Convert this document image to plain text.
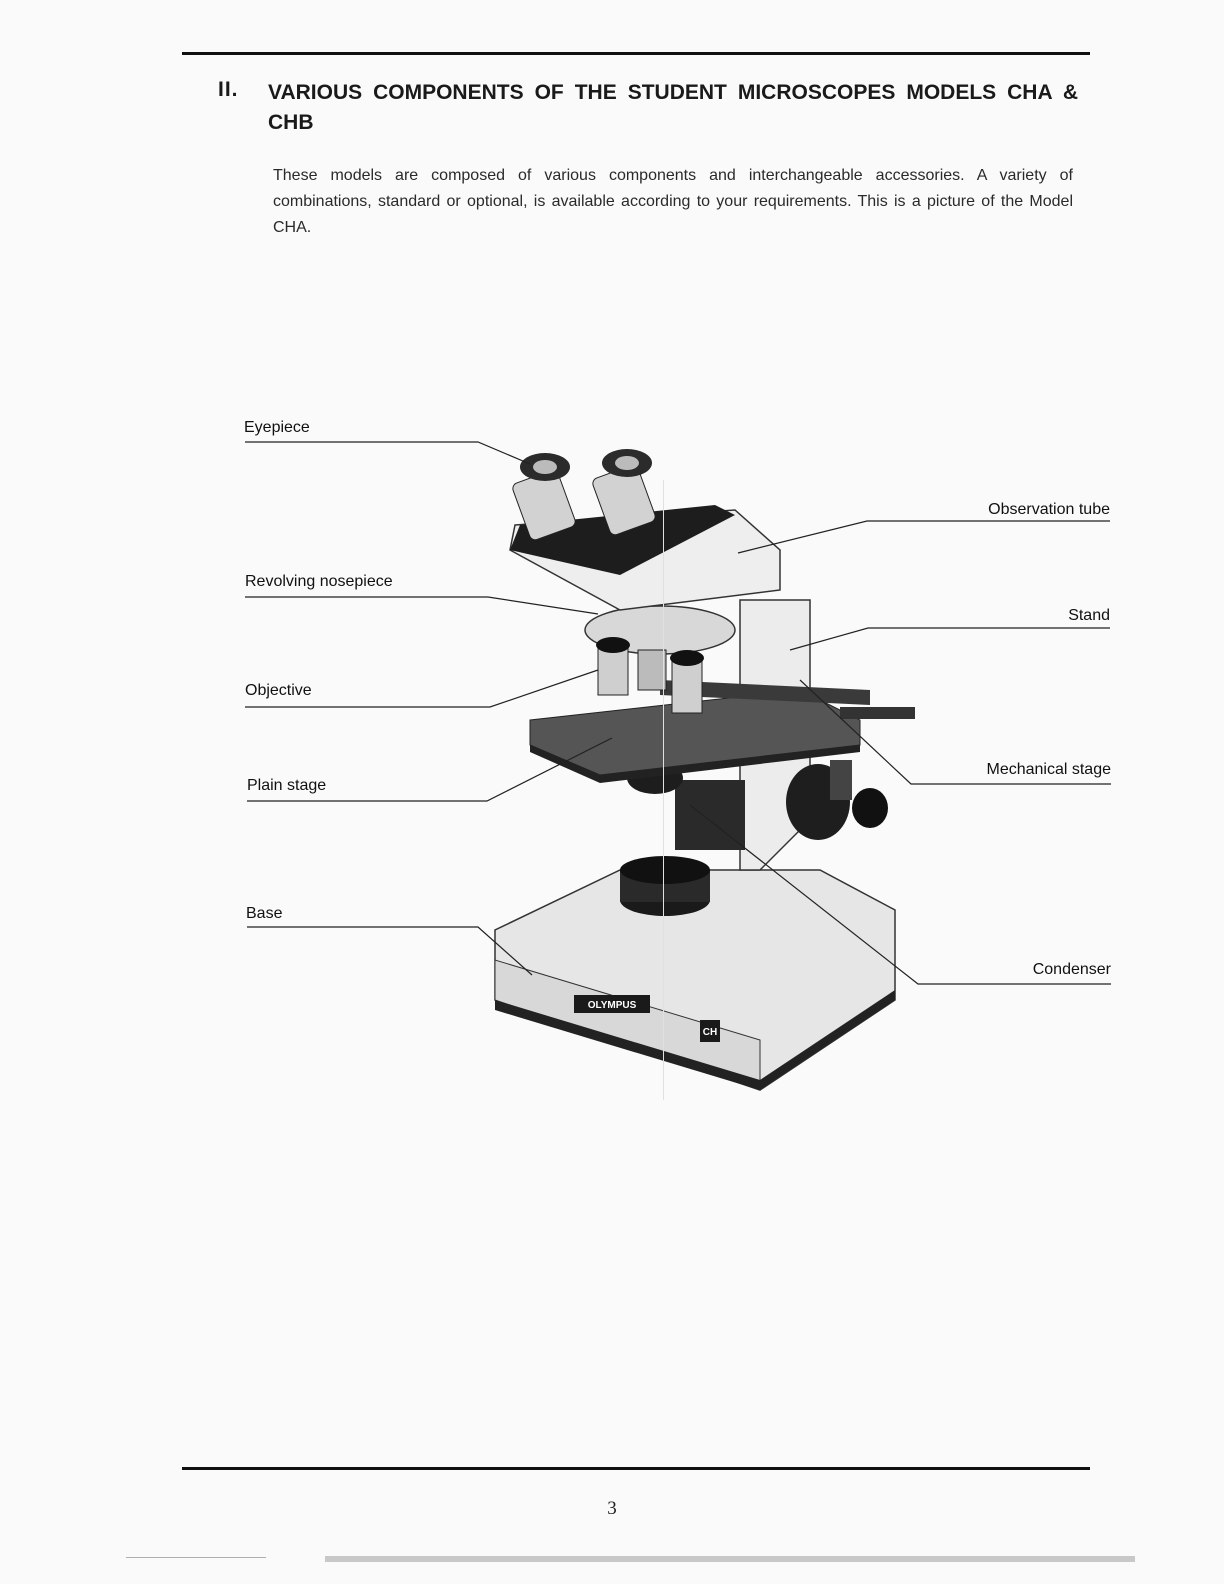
II. VARIOUS COMPONENTS OF THE STUDENT MICROSCOPES MODELS CHA & CHB
These models are composed of various components and interchangeable accessories. A variety of combinations, standard or optional, is available according to your requirements. This is a picture of the Model CHA.
OLYMPUS
CH
Eyepiece
Revolving nosepiece
Objective
Plain stage
Base
Observation tube
Stand
Mechanical stage
Condenser
3
